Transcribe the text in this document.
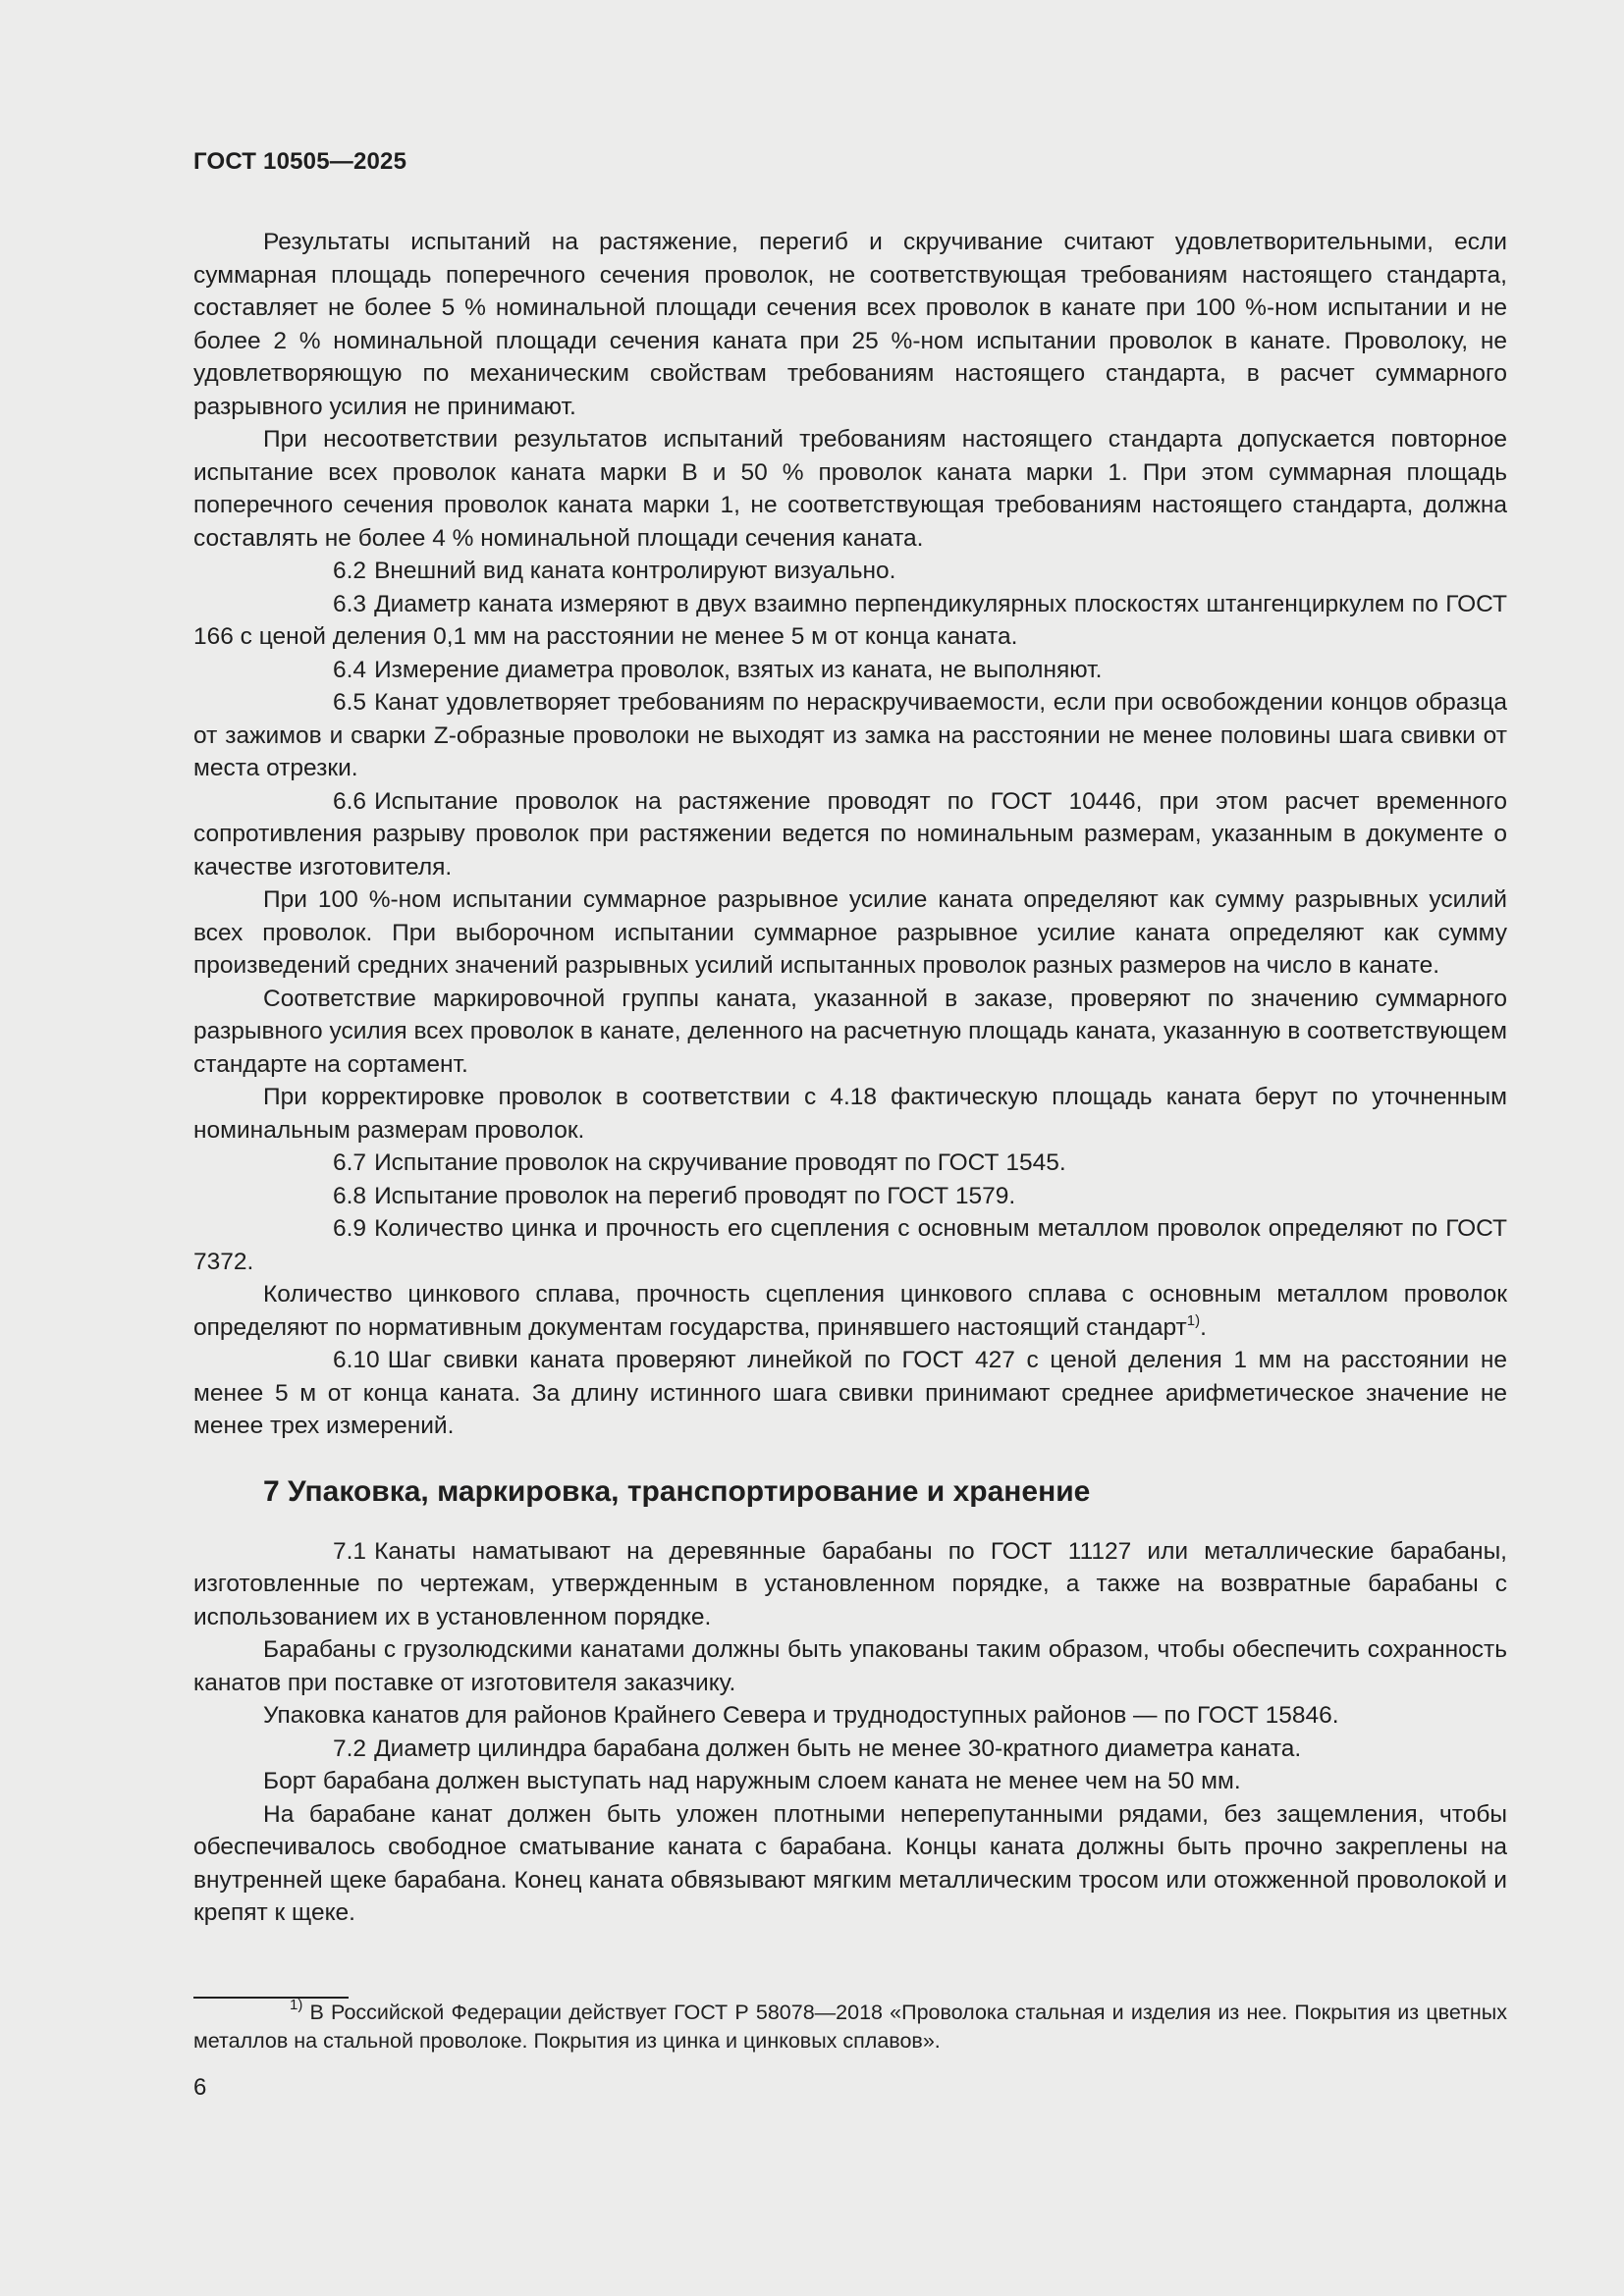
ГОСТ 10505—2025

Результаты испытаний на растяжение, перегиб и скручивание считают удовлетворительными, если суммарная площадь поперечного сечения проволок, не соответствующая требованиям настоящего стандарта, составляет не более 5 % номинальной площади сечения всех проволок в канате при 100 %-ном испытании и не более 2 % номинальной площади сечения каната при 25 %-ном испытании проволок в канате. Проволоку, не удовлетворяющую по механическим свойствам требованиям настоящего стандарта, в расчет суммарного разрывного усилия не принимают.

При несоответствии результатов испытаний требованиям настоящего стандарта допускается повторное испытание всех проволок каната марки В и 50 % проволок каната марки 1. При этом суммарная площадь поперечного сечения проволок каната марки 1, не соответствующая требованиям настоящего стандарта, должна составлять не более 4 % номинальной площади сечения каната.

6.2 Внешний вид каната контролируют визуально.

6.3 Диаметр каната измеряют в двух взаимно перпендикулярных плоскостях штангенциркулем по ГОСТ 166 с ценой деления 0,1 мм на расстоянии не менее 5 м от конца каната.

6.4 Измерение диаметра проволок, взятых из каната, не выполняют.

6.5 Канат удовлетворяет требованиям по нераскручиваемости, если при освобождении концов образца от зажимов и сварки Z-образные проволоки не выходят из замка на расстоянии не менее половины шага свивки от места отрезки.

6.6 Испытание проволок на растяжение проводят по ГОСТ 10446, при этом расчет временного сопротивления разрыву проволок при растяжении ведется по номинальным размерам, указанным в документе о качестве изготовителя.

При 100 %-ном испытании суммарное разрывное усилие каната определяют как сумму разрывных усилий всех проволок. При выборочном испытании суммарное разрывное усилие каната определяют как сумму произведений средних значений разрывных усилий испытанных проволок разных размеров на число в канате.

Соответствие маркировочной группы каната, указанной в заказе, проверяют по значению суммарного разрывного усилия всех проволок в канате, деленного на расчетную площадь каната, указанную в соответствующем стандарте на сортамент.

При корректировке проволок в соответствии с 4.18 фактическую площадь каната берут по уточненным номинальным размерам проволок.

6.7 Испытание проволок на скручивание проводят по ГОСТ 1545.

6.8 Испытание проволок на перегиб проводят по ГОСТ 1579.

6.9 Количество цинка и прочность его сцепления с основным металлом проволок определяют по ГОСТ 7372.

Количество цинкового сплава, прочность сцепления цинкового сплава с основным металлом проволок определяют по нормативным документам государства, принявшего настоящий стандарт$^{1)}$.

6.10 Шаг свивки каната проверяют линейкой по ГОСТ 427 с ценой деления 1 мм на расстоянии не менее 5 м от конца каната. За длину истинного шага свивки принимают среднее арифметическое значение не менее трех измерений.

7 Упаковка, маркировка, транспортирование и хранение

7.1 Канаты наматывают на деревянные барабаны по ГОСТ 11127 или металлические барабаны, изготовленные по чертежам, утвержденным в установленном порядке, а также на возвратные барабаны с использованием их в установленном порядке.

Барабаны с грузолюдскими канатами должны быть упакованы таким образом, чтобы обеспечить сохранность канатов при поставке от изготовителя заказчику.

Упаковка канатов для районов Крайнего Севера и труднодоступных районов — по ГОСТ 15846.

7.2 Диаметр цилиндра барабана должен быть не менее 30-кратного диаметра каната.

Борт барабана должен выступать над наружным слоем каната не менее чем на 50 мм.

На барабане канат должен быть уложен плотными неперепутанными рядами, без защемления, чтобы обеспечивалось свободное сматывание каната с барабана. Концы каната должны быть прочно закреплены на внутренней щеке барабана. Конец каната обвязывают мягким металлическим тросом или отожженной проволокой и крепят к щеке.

$^{1)}$ В Российской Федерации действует ГОСТ Р 58078—2018 «Проволока стальная и изделия из нее. Покрытия из цветных металлов на стальной проволоке. Покрытия из цинка и цинковых сплавов».

6
